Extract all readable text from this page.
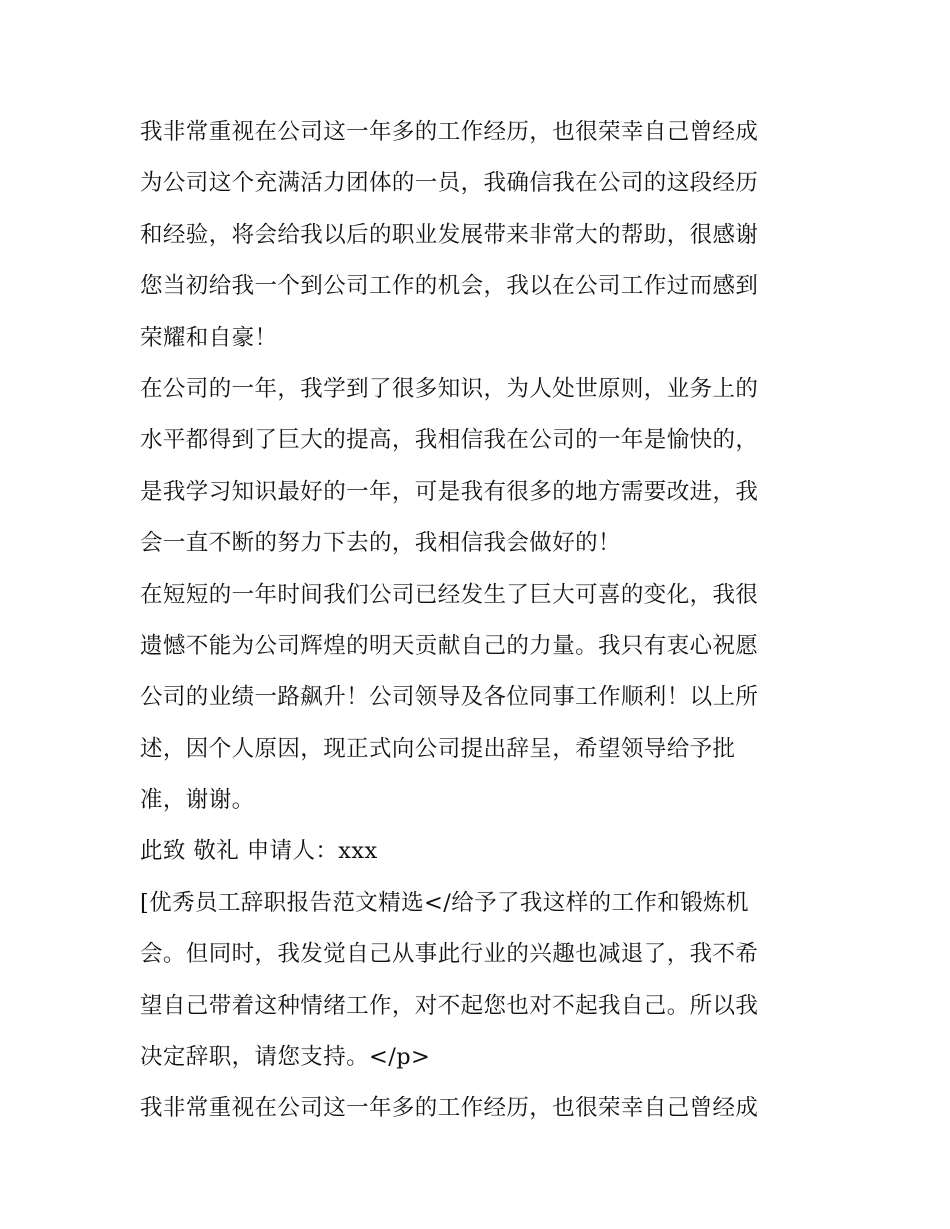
我非常重视在公司这一年多的工作经历，也很荣幸自己曾经成
为公司这个充满活力团体的一员，我确信我在公司的这段经历
和经验，将会给我以后的职业发展带来非常大的帮助，很感谢
您当初给我一个到公司工作的机会，我以在公司工作过而感到
荣耀和自豪！
在公司的一年，我学到了很多知识，为人处世原则，业务上的
水平都得到了巨大的提高，我相信我在公司的一年是愉快的，
是我学习知识最好的一年，可是我有很多的地方需要改进，我
会一直不断的努力下去的，我相信我会做好的！
在短短的一年时间我们公司已经发生了巨大可喜的变化，我很
遗憾不能为公司辉煌的明天贡献自己的力量。我只有衷心祝愿
公司的业绩一路飙升！公司领导及各位同事工作顺利！以上所
述，因个人原因，现正式向公司提出辞呈，希望领导给予批
准，谢谢。
此致 敬礼 申请人：xxx
[优秀员工辞职报告范文精选</给予了我这样的工作和锻炼机
会。但同时，我发觉自己从事此行业的兴趣也减退了，我不希
望自己带着这种情绪工作，对不起您也对不起我自己。所以我
决定辞职，请您支持。</p>
我非常重视在公司这一年多的工作经历，也很荣幸自己曾经成
